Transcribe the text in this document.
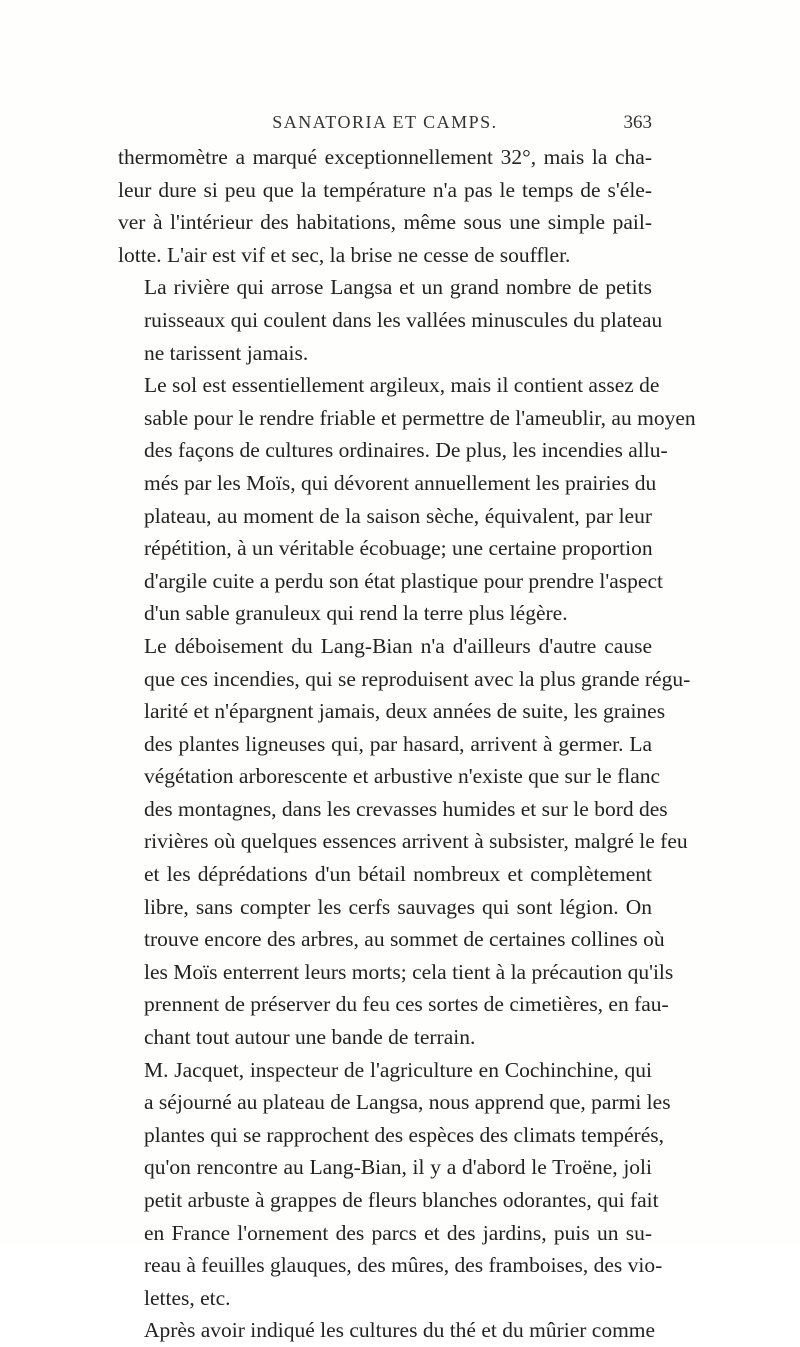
SANATORIA ET CAMPS.	363

thermomètre a marqué exceptionnellement 32°, mais la cha-
leur dure si peu que la température n'a pas le temps de s'éle-
ver à l'intérieur des habitations, même sous une simple pail-
lotte. L'air est vif et sec, la brise ne cesse de souffler.

La rivière qui arrose Langsa et un grand nombre de petits
ruisseaux qui coulent dans les vallées minuscules du plateau
ne tarissent jamais.

Le sol est essentiellement argileux, mais il contient assez de
sable pour le rendre friable et permettre de l'ameublir, au moyen
des façons de cultures ordinaires. De plus, les incendies allu-
més par les Moïs, qui dévorent annuellement les prairies du
plateau, au moment de la saison sèche, équivalent, par leur
répétition, à un véritable écobuage; une certaine proportion
d'argile cuite a perdu son état plastique pour prendre l'aspect
d'un sable granuleux qui rend la terre plus légère.

Le déboisement du Lang-Bian n'a d'ailleurs d'autre cause
que ces incendies, qui se reproduisent avec la plus grande régu-
larité et n'épargnent jamais, deux années de suite, les graines
des plantes ligneuses qui, par hasard, arrivent à germer. La
végétation arborescente et arbustive n'existe que sur le flanc
des montagnes, dans les crevasses humides et sur le bord des
rivières où quelques essences arrivent à subsister, malgré le feu
et les déprédations d'un bétail nombreux et complètement
libre, sans compter les cerfs sauvages qui sont légion. On
trouve encore des arbres, au sommet de certaines collines où
les Moïs enterrent leurs morts; cela tient à la précaution qu'ils
prennent de préserver du feu ces sortes de cimetières, en fau-
chant tout autour une bande de terrain.

M. Jacquet, inspecteur de l'agriculture en Cochinchine, qui
a séjourné au plateau de Langsa, nous apprend que, parmi les
plantes qui se rapprochent des espèces des climats tempérés,
qu'on rencontre au Lang-Bian, il y a d'abord le Troëne, joli
petit arbuste à grappes de fleurs blanches odorantes, qui fait
en France l'ornement des parcs et des jardins, puis un su-
reau à feuilles glauques, des mûres, des framboises, des vio-
lettes, etc.

Après avoir indiqué les cultures du thé et du mûrier comme
